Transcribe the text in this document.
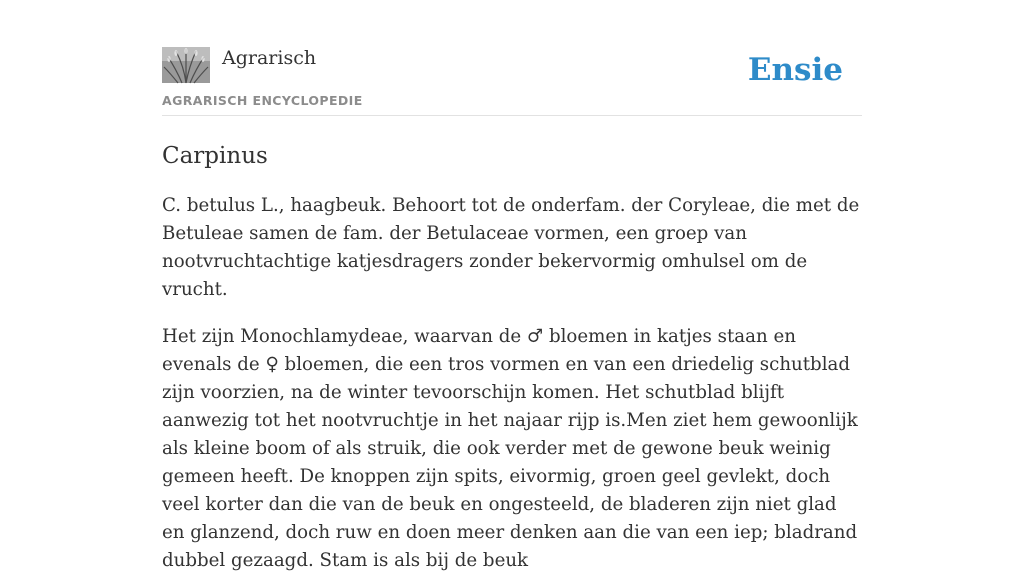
Agrarisch
AGRARISCH ENCYCLOPEDIE
Ensie
Carpinus

C. betulus L., haagbeuk. Behoort tot de onderfam. der Coryleae, die met de Betuleae samen de fam. der Betulaceae vormen, een groep van nootvruchtachtige katjesdragers zonder bekervormig omhulsel om de vrucht.

Het zijn Monochlamydeae, waarvan de ♂ bloemen in katjes staan en evenals de ♀ bloemen, die een tros vormen en van een driedelig schutblad zijn voorzien, na de winter tevoorschijn komen. Het schutblad blijft aanwezig tot het nootvruchtje in het najaar rijp is.Men ziet hem gewoonlijk als kleine boom of als struik, die ook verder met de gewone beuk weinig gemeen heeft. De knoppen zijn spits, eivormig, groen geel gevlekt, doch veel korter dan die van de beuk en ongesteeld, de bladeren zijn niet glad en glanzend, doch ruw en doen meer denken aan die van een iep; bladrand dubbel gezaagd. Stam is als bij de beuk
